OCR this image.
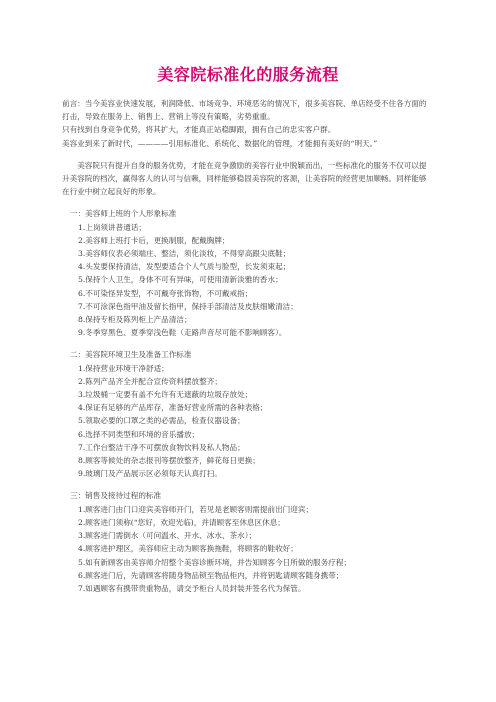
美容院标准化的服务流程

前言：当今美容业快速发展，利润降低、市场竞争、环境恶劣的情况下，很多美容院、单店经受不住各方面的打击，导致在服务上、销售上、营销上等没有策略，劣势重重。

只有找到自身竞争优势，将其扩大，才能真正站稳脚跟，拥有自己的忠实客户群。

美容业到来了新时代，————引用标准化、系统化、数据化的管理，才能拥有美好的“明天。”

美容院只有提升自身的服务优势，才能在竞争激励的美容行业中脱颖而出，一些标准化的服务不仅可以提升美容院的档次，赢得客人的认可与信赖，同样能够稳固美容院的客源，让美容院的经营更加顺畅。同样能够在行业中树立起良好的形象。

一：美容师上班的个人形象标准

1.上岗须讲普通话；
2.美容师上班打卡后，更换制服，配戴胸牌；
3.美容师仪表必须端庄、整洁，须化淡妆，不得穿高跟尖底鞋；
4.头发要保持清洁，发型要适合个人气质与脸型，长发须束起；
5.保持个人卫生，身体不可有异味，可使用清新淡雅的香水；
6.不可染怪异发型，不可戴夸张饰物，不可戴戒指；
7.不可涂深色指甲油及留长指甲，保持手部清洁及皮肤细嫩清洁；
8.保持专柜及陈列柜上产品清洁；
9.冬季穿黑色、夏季穿浅色鞋（走路声音尽可能不影响顾客）。

二：美容院环境卫生及准备工作标准

1.保持营业环境干净舒适；
2.陈列产品齐全并配合宣传资料摆放整齐；
3.垃圾桶一定要有盖不允许有无遮蔽的垃圾存放处；
4.保证有足够的产品库存，准备好营业所需的各种表格；
5.领取必要的口罩之类的必需品，检查仪器设备；
6.选择不同类型和环境的音乐播放；
7.工作台整洁干净不可摆放食物饮料及私人物品；
8.顾客等候处的杂志报刊等摆放整齐，鲜花每日更换；
9.玻璃门及产品展示区必须每天认真打扫。

三：销售及接待过程的标准

1.顾客进门由门口迎宾美容师开门，若见是老顾客则需提前出门迎宾；
2.顾客进门须称(“您好，欢迎光临)，并请顾客至休息区休息；
3.顾客进门需倒水（可问温水、开水、冰水、茶水）；
4.顾客进护理区，美容师应主动为顾客换拖鞋，将顾客的鞋收好；
5.如有新顾客由美容师介绍整个美容诊断环境，并告知顾客今日所做的服务疗程；
6.顾客进门后，先请顾客将随身物品锁至物品柜内，并将钥匙请顾客随身携带；
7.如遇顾客有携带贵重物品，请交予柜台人员封装并签名代为保管。
